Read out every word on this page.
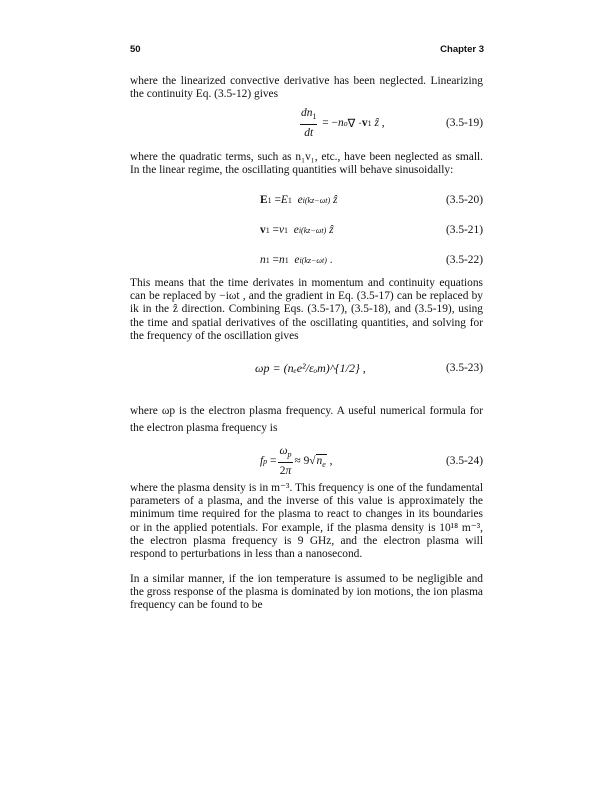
50	Chapter 3
where the linearized convective derivative has been neglected. Linearizing the continuity Eq. (3.5-12) gives
$\frac{dn_1}{dt}$ = − n o ∇ · v 1
ẑ ,	(3.5-19)
where the quadratic terms, such as n₁v₁, etc., have been neglected as small. In the linear regime, the oscillating quantities will behave sinusoidally:
E 1 = E 1
e i(kz−ωt)
ẑ	(3.5-20)
v 1 = v 1
e i(kz−ωt)
ẑ	(3.5-21)
n 1 = n 1
e i(kz−ωt) .	(3.5-22)
This means that the time derivates in momentum and continuity equations can be replaced by −iωt , and the gradient in Eq. (3.5-17) can be replaced by ik in the ẑ direction. Combining Eqs. (3.5-17), (3.5-18), and (3.5-19), using the time and spatial derivatives of the oscillating quantities, and solving for the frequency of the oscillation gives
ωp = (nₑe²/εₒm)^{1/2} ,	(3.5-23)
where ωp is the electron plasma frequency. A useful numerical formula for the electron plasma frequency is
f $p = \frac{\omega_p}{2\pi} \approx 9√$ $n_e$ ,	(3.5-24)
where the plasma density is in m⁻³. This frequency is one of the fundamental parameters of a plasma, and the inverse of this value is approximately the minimum time required for the plasma to react to changes in its boundaries or in the applied potentials. For example, if the plasma density is 10¹⁸ m⁻³, the electron plasma frequency is 9 GHz, and the electron plasma will respond to perturbations in less than a nanosecond.
In a similar manner, if the ion temperature is assumed to be negligible and the gross response of the plasma is dominated by ion motions, the ion plasma frequency can be found to be
